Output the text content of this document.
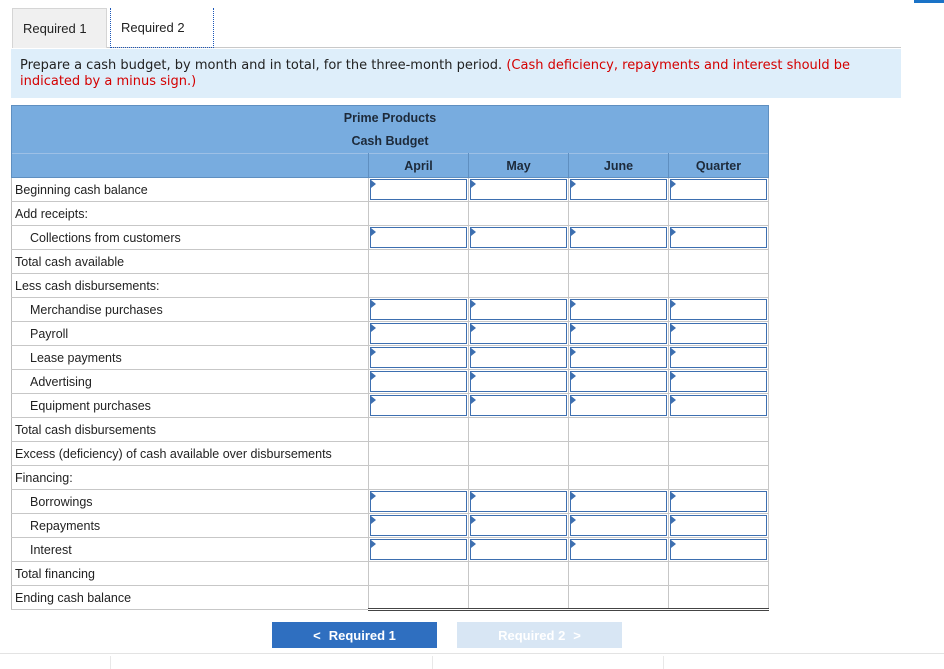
Required 1	Required 2
Prepare a cash budget, by month and in total, for the three-month period. (Cash deficiency, repayments and interest should be indicated by a minus sign.)
Prime Products				
Cash Budget				
	April	May	June	Quarter
Beginning cash balance	

Add receipts:				
Collections from customers	

Total cash available				
Less cash disbursements:				
Merchandise purchases	

Payroll	

Lease payments	

Advertising	

Equipment purchases	

Total cash disbursements				
Excess (deficiency) of cash available over disbursements				
Financing:				
Borrowings	

Repayments	

Interest	

Total financing				
Ending cash balance				
< Required 1	Required 2 >
